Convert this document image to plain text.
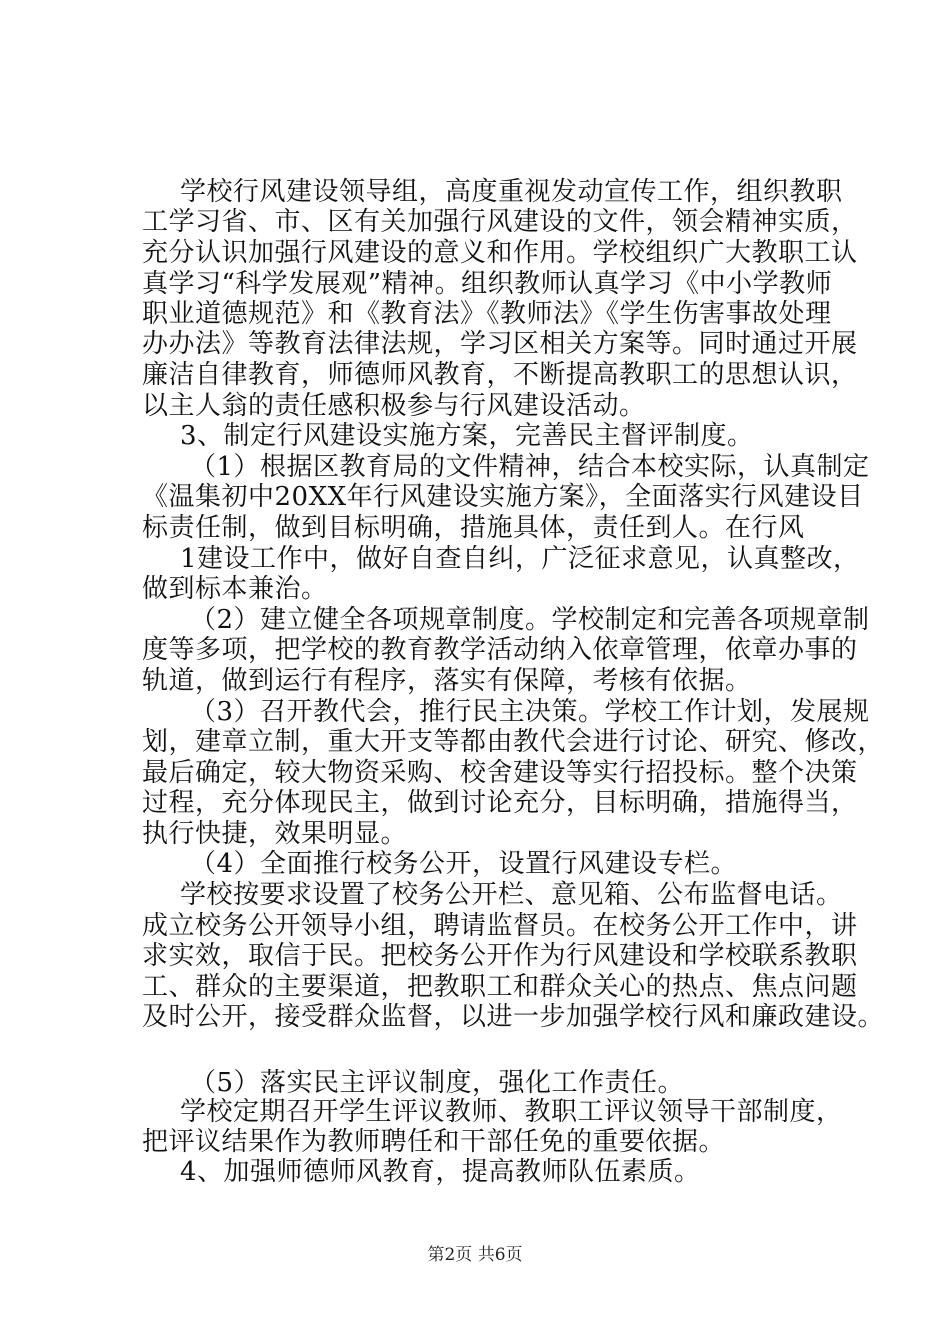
学校行风建设领导组，高度重视发动宣传工作，组织教职
工学习省、市、区有关加强行风建设的文件，领会精神实质，
充分认识加强行风建设的意义和作用。学校组织广大教职工认
真学习“科学发展观”精神。组织教师认真学习《中小学教师
职业道德规范》和《教育法》《教师法》《学生伤害事故处理
办办法》等教育法律法规，学习区相关方案等。同时通过开展
廉洁自律教育，师德师风教育，不断提高教职工的思想认识，
以主人翁的责任感积极参与行风建设活动。
3、制定行风建设实施方案，完善民主督评制度。
（1）根据区教育局的文件精神，结合本校实际，认真制定
《温集初中20XX年行风建设实施方案》，全面落实行风建设目
标责任制，做到目标明确，措施具体，责任到人。在行风
1建设工作中，做好自查自纠，广泛征求意见，认真整改，
做到标本兼治。
（2）建立健全各项规章制度。学校制定和完善各项规章制
度等多项，把学校的教育教学活动纳入依章管理，依章办事的
轨道，做到运行有程序，落实有保障，考核有依据。
（3）召开教代会，推行民主决策。学校工作计划，发展规
划，建章立制，重大开支等都由教代会进行讨论、研究、修改，
最后确定，较大物资采购、校舍建设等实行招投标。整个决策
过程，充分体现民主，做到讨论充分，目标明确，措施得当，
执行快捷，效果明显。
（4）全面推行校务公开，设置行风建设专栏。
学校按要求设置了校务公开栏、意见箱、公布监督电话。
成立校务公开领导小组，聘请监督员。在校务公开工作中，讲
求实效，取信于民。把校务公开作为行风建设和学校联系教职
工、群众的主要渠道，把教职工和群众关心的热点、焦点问题
及时公开，接受群众监督，以进一步加强学校行风和廉政建设。
（5）落实民主评议制度，强化工作责任。
学校定期召开学生评议教师、教职工评议领导干部制度，
把评议结果作为教师聘任和干部任免的重要依据。
4、加强师德师风教育，提高教师队伍素质。
第2页 共6页
